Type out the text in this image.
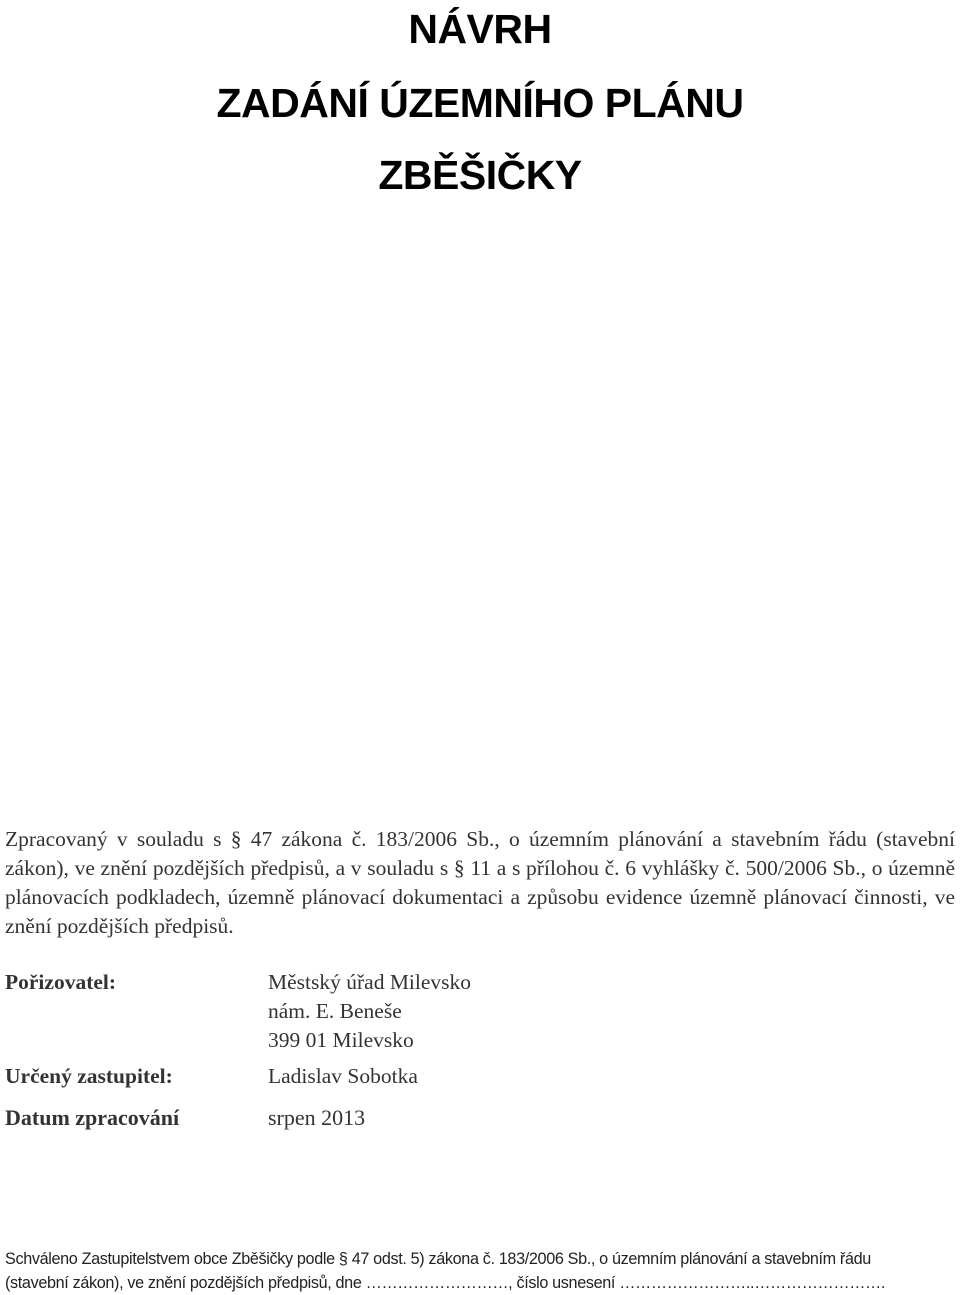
NÁVRH
ZADÁNÍ ÚZEMNÍHO PLÁNU
ZBĚŠIČKY

Zpracovaný v souladu s § 47 zákona č. 183/2006 Sb., o územním plánování a stavebním řádu (stavební zákon), ve znění pozdějších předpisů, a v souladu s § 11 a s přílohou č. 6 vyhlášky č. 500/2006 Sb., o územně plánovacích podkladech, územně plánovací dokumentaci a způsobu evidence územně plánovací činnosti, ve znění pozdějších předpisů.

Pořizovatel:	Městský úřad Milevsko
nám. E. Beneše
399 01 Milevsko
Určený zastupitel:	Ladislav Sobotka
Datum zpracování	srpen 2013
Schváleno Zastupitelstvem obce Zběšičky podle § 47 odst. 5) zákona č. 183/2006 Sb., o územním plánování a stavebním řádu
(stavební zákon), ve znění pozdějších předpisů, dne ………………………, číslo usnesení ……………………..…………………….
